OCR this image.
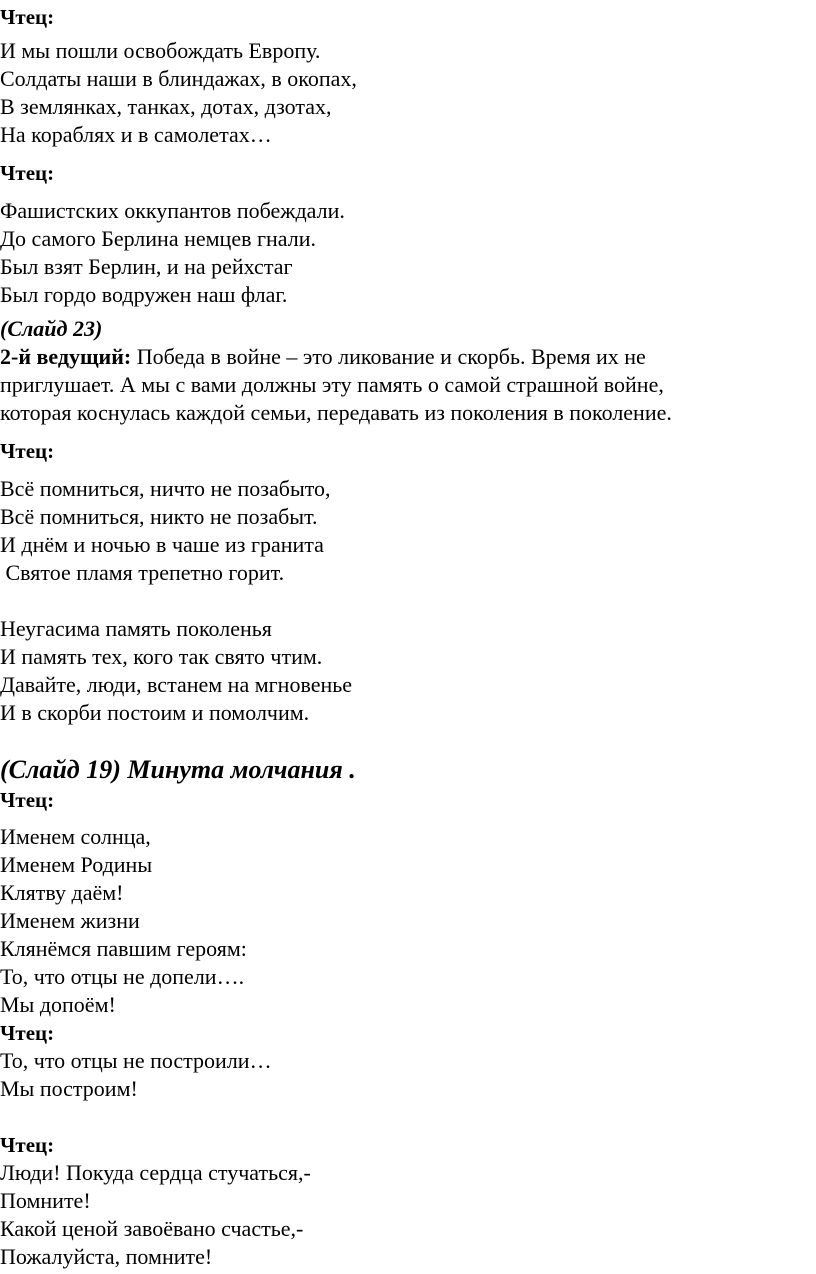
Чтец:
И мы пошли освобождать Европу.
Солдаты наши в блиндажах, в окопах,
В землянках, танках, дотах, дзотах,
На кораблях и в самолетах…
Чтец:
Фашистских оккупантов побеждали.
До самого Берлина немцев гнали.
Был взят Берлин, и на рейхстаг
Был гордо водружен наш флаг.
(Слайд 23)
2-й ведущий: Победа в войне – это ликование и скорбь. Время их не
приглушает. А мы с вами должны эту память о самой страшной войне,
которая коснулась каждой семьи, передавать из поколения в поколение.
Чтец:
Всё помниться, ничто не позабыто,
Всё помниться, никто не позабыт.
И днём и ночью в чаше из гранита
Святое пламя трепетно горит.
Неугасима память поколенья
И память тех, кого так свято чтим.
Давайте, люди, встанем на мгновенье
И в скорби постоим и помолчим.
(Слайд 19) Минута молчания .
Чтец:
Именем солнца,
Именем Родины
Клятву даём!
Именем жизни
Клянёмся павшим героям:
То, что отцы не допели….
Мы допоём!
Чтец:
То, что отцы не построили…
Мы построим!
Чтец:
Люди! Покуда сердца стучаться,-
Помните!
Какой ценой завоёвано счастье,-
Пожалуйста, помните!
